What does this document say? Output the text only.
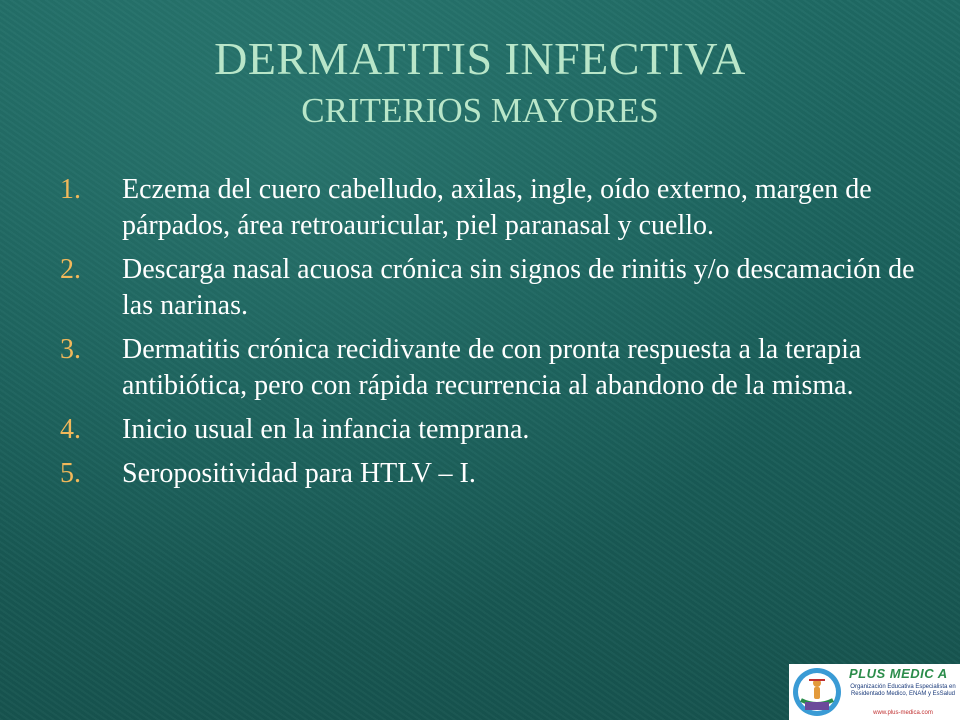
DERMATITIS INFECTIVA
CRITERIOS MAYORES
1.	Eczema del cuero cabelludo, axilas, ingle, oído externo, margen de párpados, área retroauricular, piel paranasal y cuello.
2.	Descarga nasal acuosa crónica sin signos de rinitis y/o descamación de las narinas.
3.	Dermatitis crónica recidivante de con pronta respuesta a la terapia antibiótica, pero con rápida recurrencia al abandono de la misma.
4.	Inicio usual en la infancia temprana.
5.	Seropositividad para HTLV – I.
PLUS MEDIC A
Organización Educativa Especialista en Residentado Medico, ENAM y EsSalud
www.plus-medica.com
